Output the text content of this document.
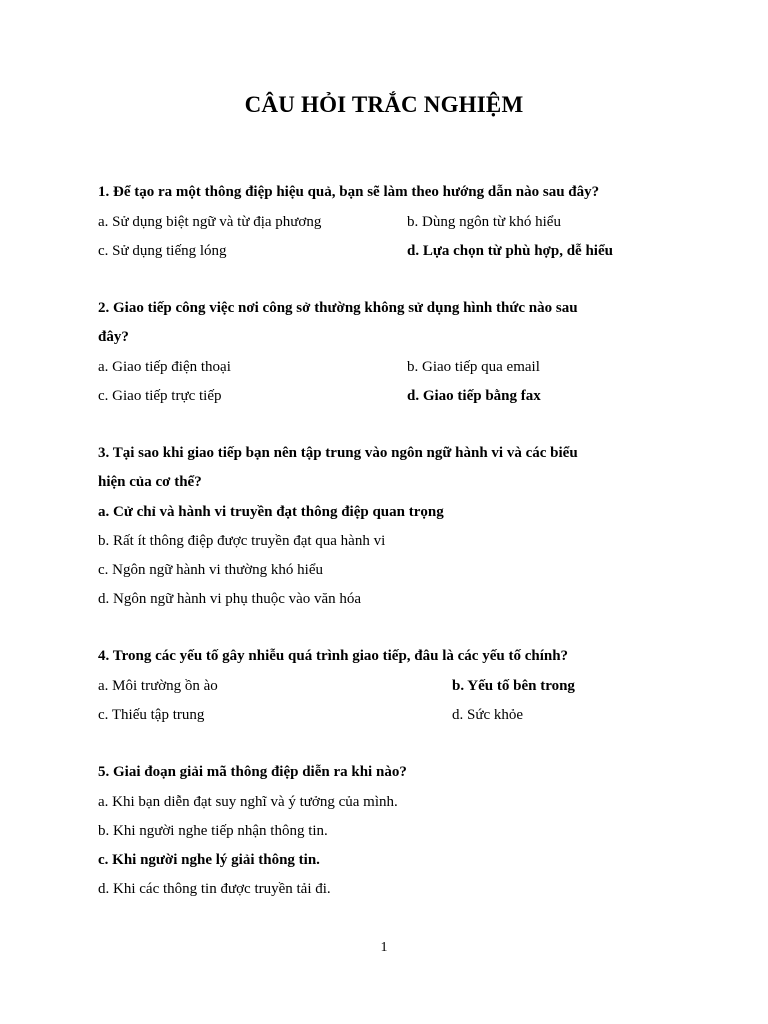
CÂU HỎI TRẮC NGHIỆM
1. Để tạo ra một thông điệp hiệu quả, bạn sẽ làm theo hướng dẫn nào sau đây?
a. Sử dụng biệt ngữ và từ địa phương	b. Dùng ngôn từ khó hiểu
c. Sử dụng tiếng lóng	d. Lựa chọn từ phù hợp, dễ hiểu
2. Giao tiếp công việc nơi công sở thường không sử dụng hình thức nào sau
đây?
a. Giao tiếp điện thoại	b. Giao tiếp qua email
c. Giao tiếp trực tiếp	d. Giao tiếp bằng fax
3. Tại sao khi giao tiếp bạn nên tập trung vào ngôn ngữ hành vi và các biểu
hiện của cơ thể?
a. Cử chỉ và hành vi truyền đạt thông điệp quan trọng
b. Rất ít thông điệp được truyền đạt qua hành vi
c. Ngôn ngữ hành vi thường khó hiểu
d. Ngôn ngữ hành vi phụ thuộc vào văn hóa
4. Trong các yếu tố gây nhiễu quá trình giao tiếp, đâu là các yếu tố chính?
a. Môi trường ồn ào	b. Yếu tố bên trong
c. Thiếu tập trung	d. Sức khỏe
5. Giai đoạn giải mã thông điệp diễn ra khi nào?
a. Khi bạn diễn đạt suy nghĩ và ý tưởng của mình.
b. Khi người nghe tiếp nhận thông tin.
c. Khi người nghe lý giải thông tin.
d. Khi các thông tin được truyền tải đi.
1
